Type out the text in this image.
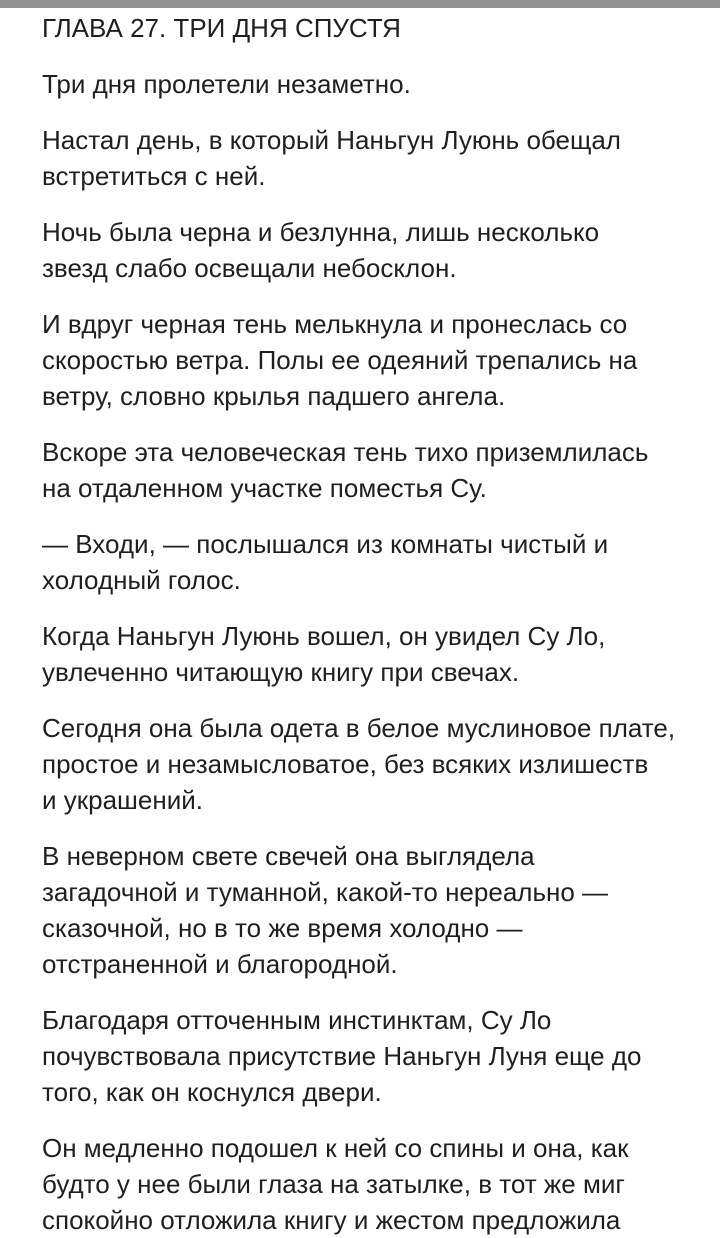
ГЛАВА 27. ТРИ ДНЯ СПУСТЯ

Три дня пролетели незаметно.

Настал день, в который Наньгун Луюнь обещал
встретиться с ней.

Ночь была черна и безлунна, лишь несколько
звезд слабо освещали небосклон.

И вдруг черная тень мелькнула и пронеслась со
скоростью ветра. Полы ее одеяний трепались на
ветру, словно крылья падшего ангела.

Вскоре эта человеческая тень тихо приземлилась
на отдаленном участке поместья Су.

— Входи, — послышался из комнаты чистый и
холодный голос.

Когда Наньгун Луюнь вошел, он увидел Су Ло,
увлеченно читающую книгу при свечах.

Сегодня она была одета в белое муслиновое плате,
простое и незамысловатое, без всяких излишеств
и украшений.

В неверном свете свечей она выглядела
загадочной и туманной, какой-то нереально —
сказочной, но в то же время холодно —
отстраненной и благородной.

Благодаря отточенным инстинктам, Су Ло
почувствовала присутствие Наньгун Луня еще до
того, как он коснулся двери.

Он медленно подошел к ней со спины и она, как
будто у нее были глаза на затылке, в тот же миг
спокойно отложила книгу и жестом предложила
